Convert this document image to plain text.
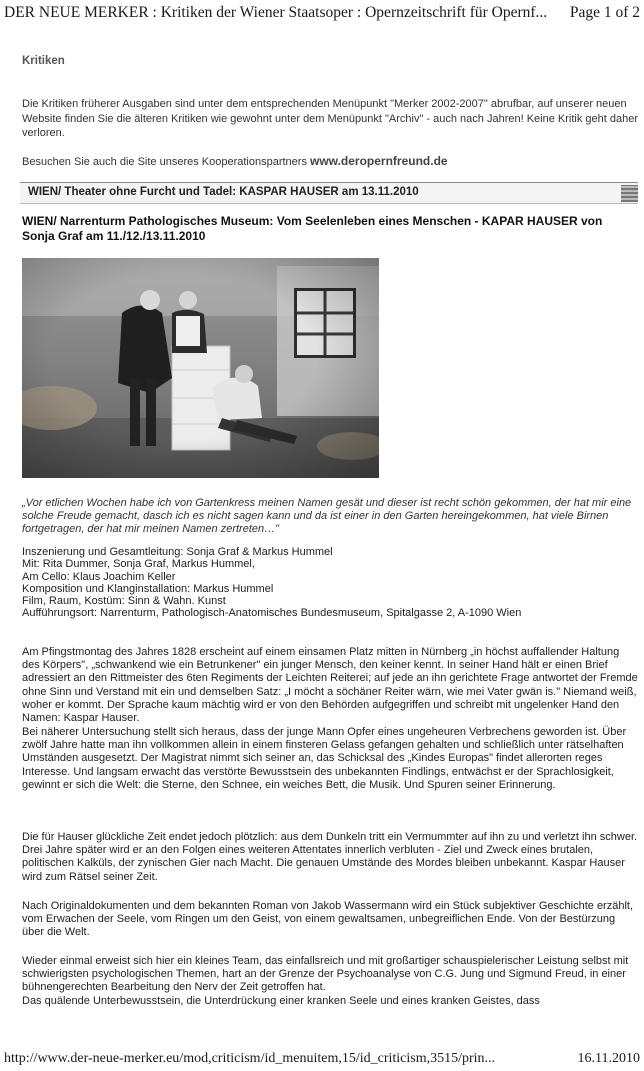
DER NEUE MERKER : Kritiken der Wiener Staatsoper : Opernzeitschrift für Opernf... Page 1 of 2
Kritiken

Die Kritiken früherer Ausgaben sind unter dem entsprechenden Menüpunkt "Merker 2002-2007" abrufbar, auf unserer neuen Website finden Sie die älteren Kritiken wie gewohnt unter dem Menüpunkt "Archiv" - auch nach Jahren! Keine Kritik geht daher verloren.

Besuchen Sie auch die Site unseres Kooperationspartners www.deropernfreund.de

WIEN/ Theater ohne Furcht und Tadel: KASPAR HAUSER am 13.11.2010
WIEN/ Narrenturm Pathologisches Museum: Vom Seelenleben eines Menschen - KAPAR HAUSER von Sonja Graf am 11./12./13.11.2010
„Vor etlichen Wochen habe ich von Gartenkress meinen Namen gesät und dieser ist recht schön gekommen, der hat mir eine solche Freude gemacht, dasch ich es nicht sagen kann und da ist einer in den Garten hereingekommen, hat viele Birnen fortgetragen, der hat mir meinen Namen zertreten…"
Inszenierung und Gesamtleitung: Sonja Graf & Markus Hummel
Mit: Rita Dummer, Sonja Graf, Markus Hummel,
Am Cello: Klaus Joachim Keller
Komposition und Klanginstallation: Markus Hummel
Film, Raum, Kostüm: Sinn & Wahn. Kunst
Aufführungsort: Narrenturm, Pathologisch-Anatomisches Bundesmuseum, Spitalgasse 2, A-1090 Wien
Am Pfingstmontag des Jahres 1828 erscheint auf einem einsamen Platz mitten in Nürnberg „in höchst auffallender Haltung des Körpers", „schwankend wie ein Betrunkener" ein junger Mensch, den keiner kennt. In seiner Hand hält er einen Brief adressiert an den Rittmeister des 6ten Regiments der Leichten Reiterei; auf jede an ihn gerichtete Frage antwortet der Fremde ohne Sinn und Verstand mit ein und demselben Satz: „I möcht a söchäner Reiter wärn, wie mei Vater gwän is." Niemand weiß, woher er kommt. Der Sprache kaum mächtig wird er von den Behörden aufgegriffen und schreibt mit ungelenker Hand den Namen: Kaspar Hauser.
Bei näherer Untersuchung stellt sich heraus, dass der junge Mann Opfer eines ungeheuren Verbrechens geworden ist. Über zwölf Jahre hatte man ihn vollkommen allein in einem finsteren Gelass gefangen gehalten und schließlich unter rätselhaften Umständen ausgesetzt. Der Magistrat nimmt sich seiner an, das Schicksal des „Kindes Europas" findet allerorten reges Interesse. Und langsam erwacht das verstörte Bewusstsein des unbekannten Findlings, entwächst er der Sprachlosigkeit, gewinnt er sich die Welt: die Sterne, den Schnee, ein weiches Bett, die Musik. Und Spuren seiner Erinnerung.
Die für Hauser glückliche Zeit endet jedoch plötzlich: aus dem Dunkeln tritt ein Vermummter auf ihn zu und verletzt ihn schwer. Drei Jahre später wird er an den Folgen eines weiteren Attentates innerlich verbluten - Ziel und Zweck eines brutalen, politischen Kalküls, der zynischen Gier nach Macht. Die genauen Umstände des Mordes bleiben unbekannt. Kaspar Hauser wird zum Rätsel seiner Zeit.
Nach Originaldokumenten und dem bekannten Roman von Jakob Wassermann wird ein Stück subjektiver Geschichte erzählt, vom Erwachen der Seele, vom Ringen um den Geist, von einem gewaltsamen, unbegreiflichen Ende. Von der Bestürzung über die Welt.
Wieder einmal erweist sich hier ein kleines Team, das einfallsreich und mit großartiger schauspielerischer Leistung selbst mit schwierigsten psychologischen Themen, hart an der Grenze der Psychoanalyse von C.G. Jung und Sigmund Freud, in einer bühnengerechten Bearbeitung den Nerv der Zeit getroffen hat.
Das quälende Unterbewusstsein, die Unterdrückung einer kranken Seele und eines kranken Geistes, dass
http://www.der-neue-merker.eu/mod,criticism/id_menuitem,15/id_criticism,3515/prin...	16.11.2010
